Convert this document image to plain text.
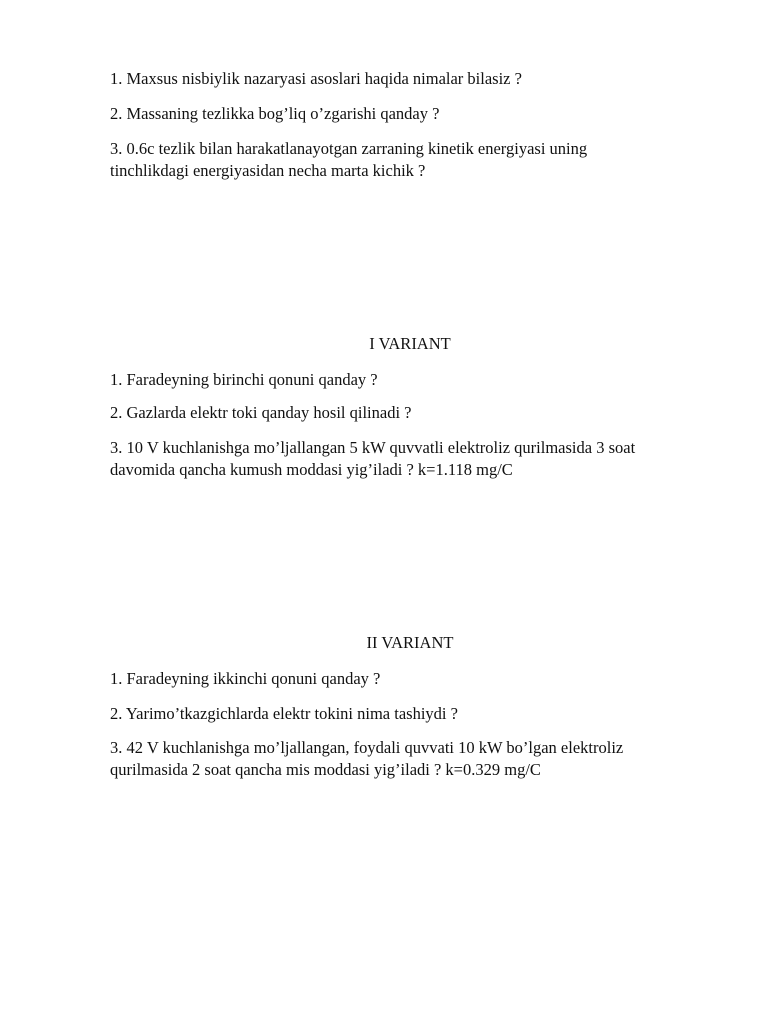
1. Maxsus nisbiylik nazaryasi asoslari haqida nimalar bilasiz ?

2. Massaning tezlikka bog’liq o’zgarishi qanday ?

3. 0.6c tezlik bilan harakatlanayotgan zarraning kinetik energiyasi uning

tinchlikdagi energiyasidan necha marta kichik ?

I VARIANT

1. Faradeyning birinchi qonuni qanday ?

2. Gazlarda elektr toki qanday hosil qilinadi ?

3. 10 V kuchlanishga mo’ljallangan 5 kW quvvatli elektroliz qurilmasida 3 soat

davomida qancha kumush moddasi yig’iladi ? k=1.118 mg/C

II VARIANT

1. Faradeyning ikkinchi qonuni qanday ?

2. Yarimo’tkazgichlarda elektr tokini nima tashiydi ?

3. 42 V kuchlanishga mo’ljallangan, foydali quvvati 10 kW bo’lgan elektroliz

qurilmasida 2 soat qancha mis moddasi yig’iladi ? k=0.329 mg/C
